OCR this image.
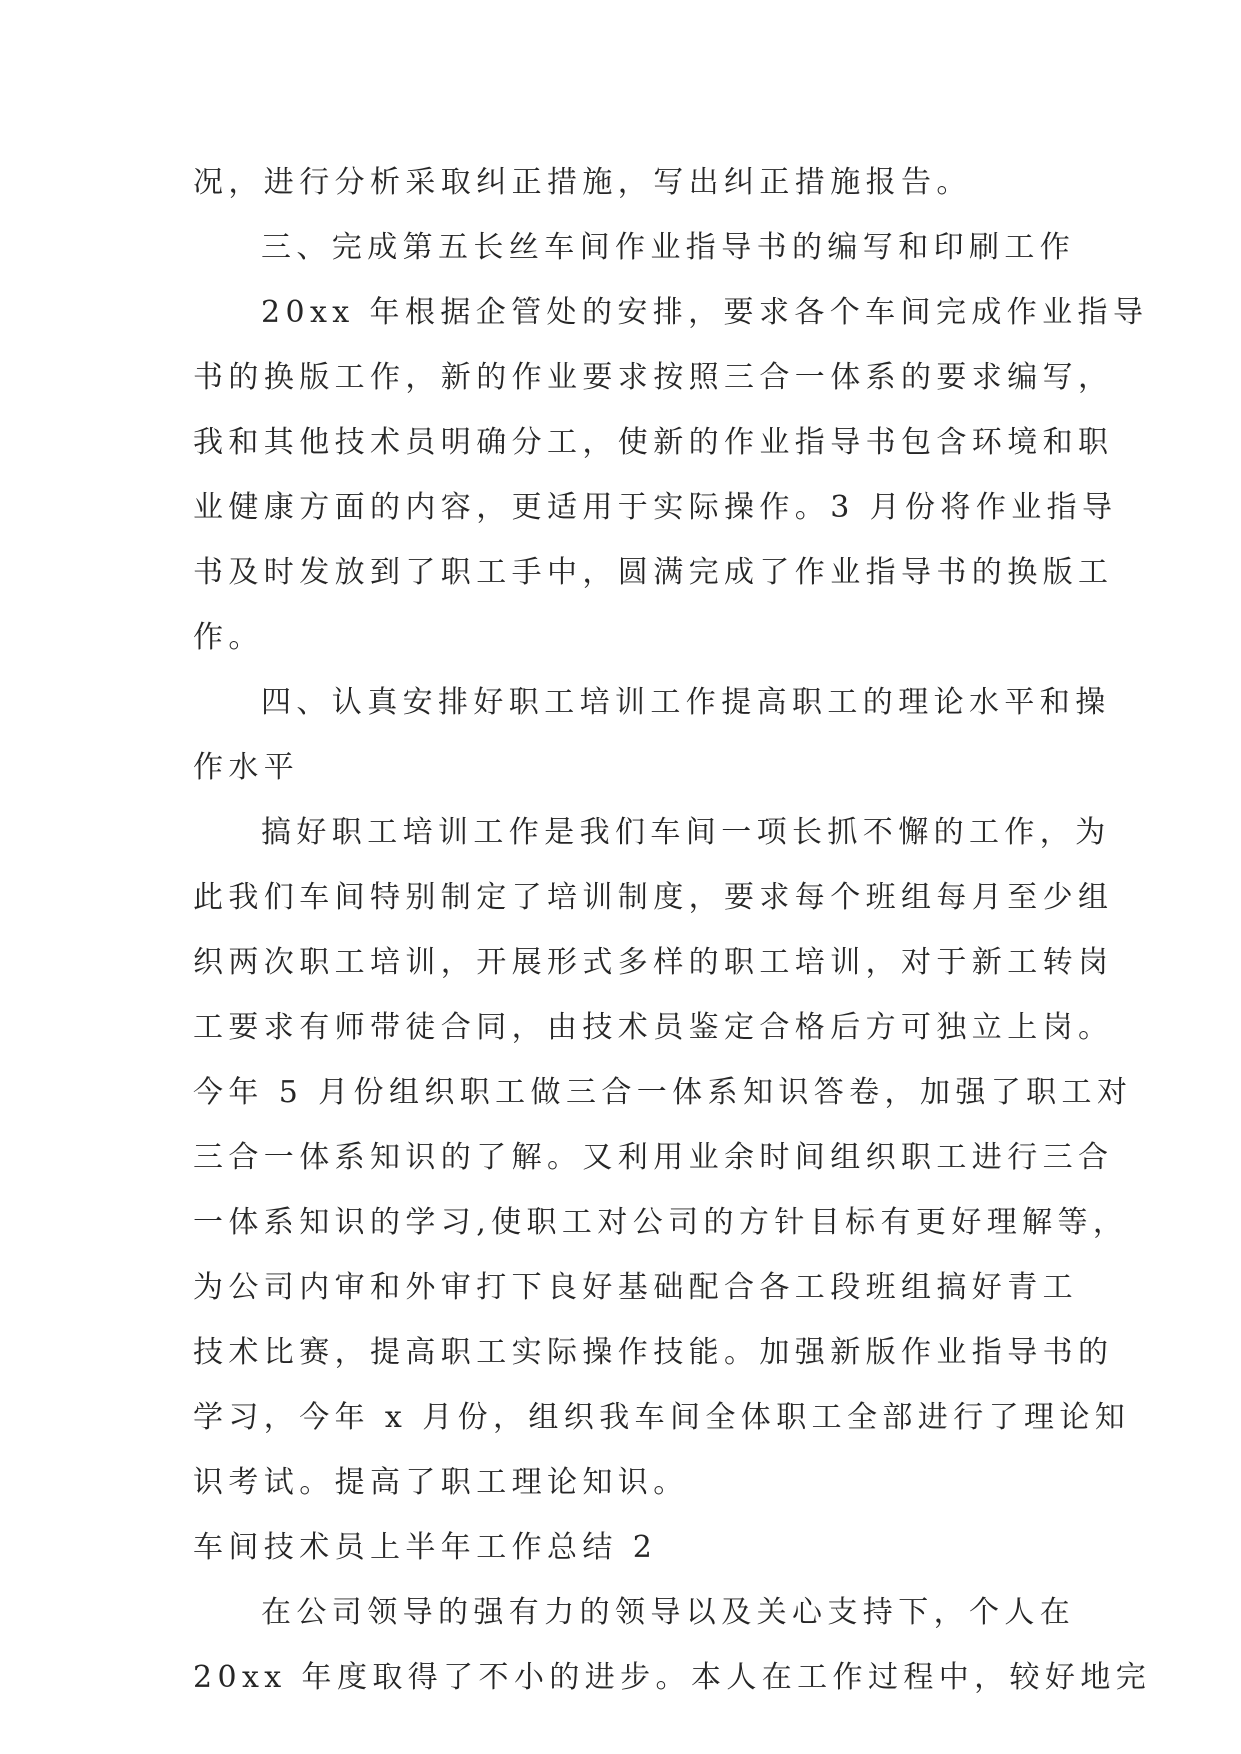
况，进行分析采取纠正措施，写出纠正措施报告。
三、完成第五长丝车间作业指导书的编写和印刷工作
20xx 年根据企管处的安排，要求各个车间完成作业指导
书的换版工作，新的作业要求按照三合一体系的要求编写，
我和其他技术员明确分工，使新的作业指导书包含环境和职
业健康方面的内容，更适用于实际操作。3 月份将作业指导
书及时发放到了职工手中，圆满完成了作业指导书的换版工
作。
四、认真安排好职工培训工作提高职工的理论水平和操
作水平
搞好职工培训工作是我们车间一项长抓不懈的工作，为
此我们车间特别制定了培训制度，要求每个班组每月至少组
织两次职工培训，开展形式多样的职工培训，对于新工转岗
工要求有师带徒合同，由技术员鉴定合格后方可独立上岗。
今年 5 月份组织职工做三合一体系知识答卷，加强了职工对
三合一体系知识的了解。又利用业余时间组织职工进行三合
一体系知识的学习,使职工对公司的方针目标有更好理解等，
为公司内审和外审打下良好基础配合各工段班组搞好青工
技术比赛，提高职工实际操作技能。加强新版作业指导书的
学习，今年 x 月份，组织我车间全体职工全部进行了理论知
识考试。提高了职工理论知识。
车间技术员上半年工作总结 2
在公司领导的强有力的领导以及关心支持下，个人在
20xx 年度取得了不小的进步。本人在工作过程中，较好地完
